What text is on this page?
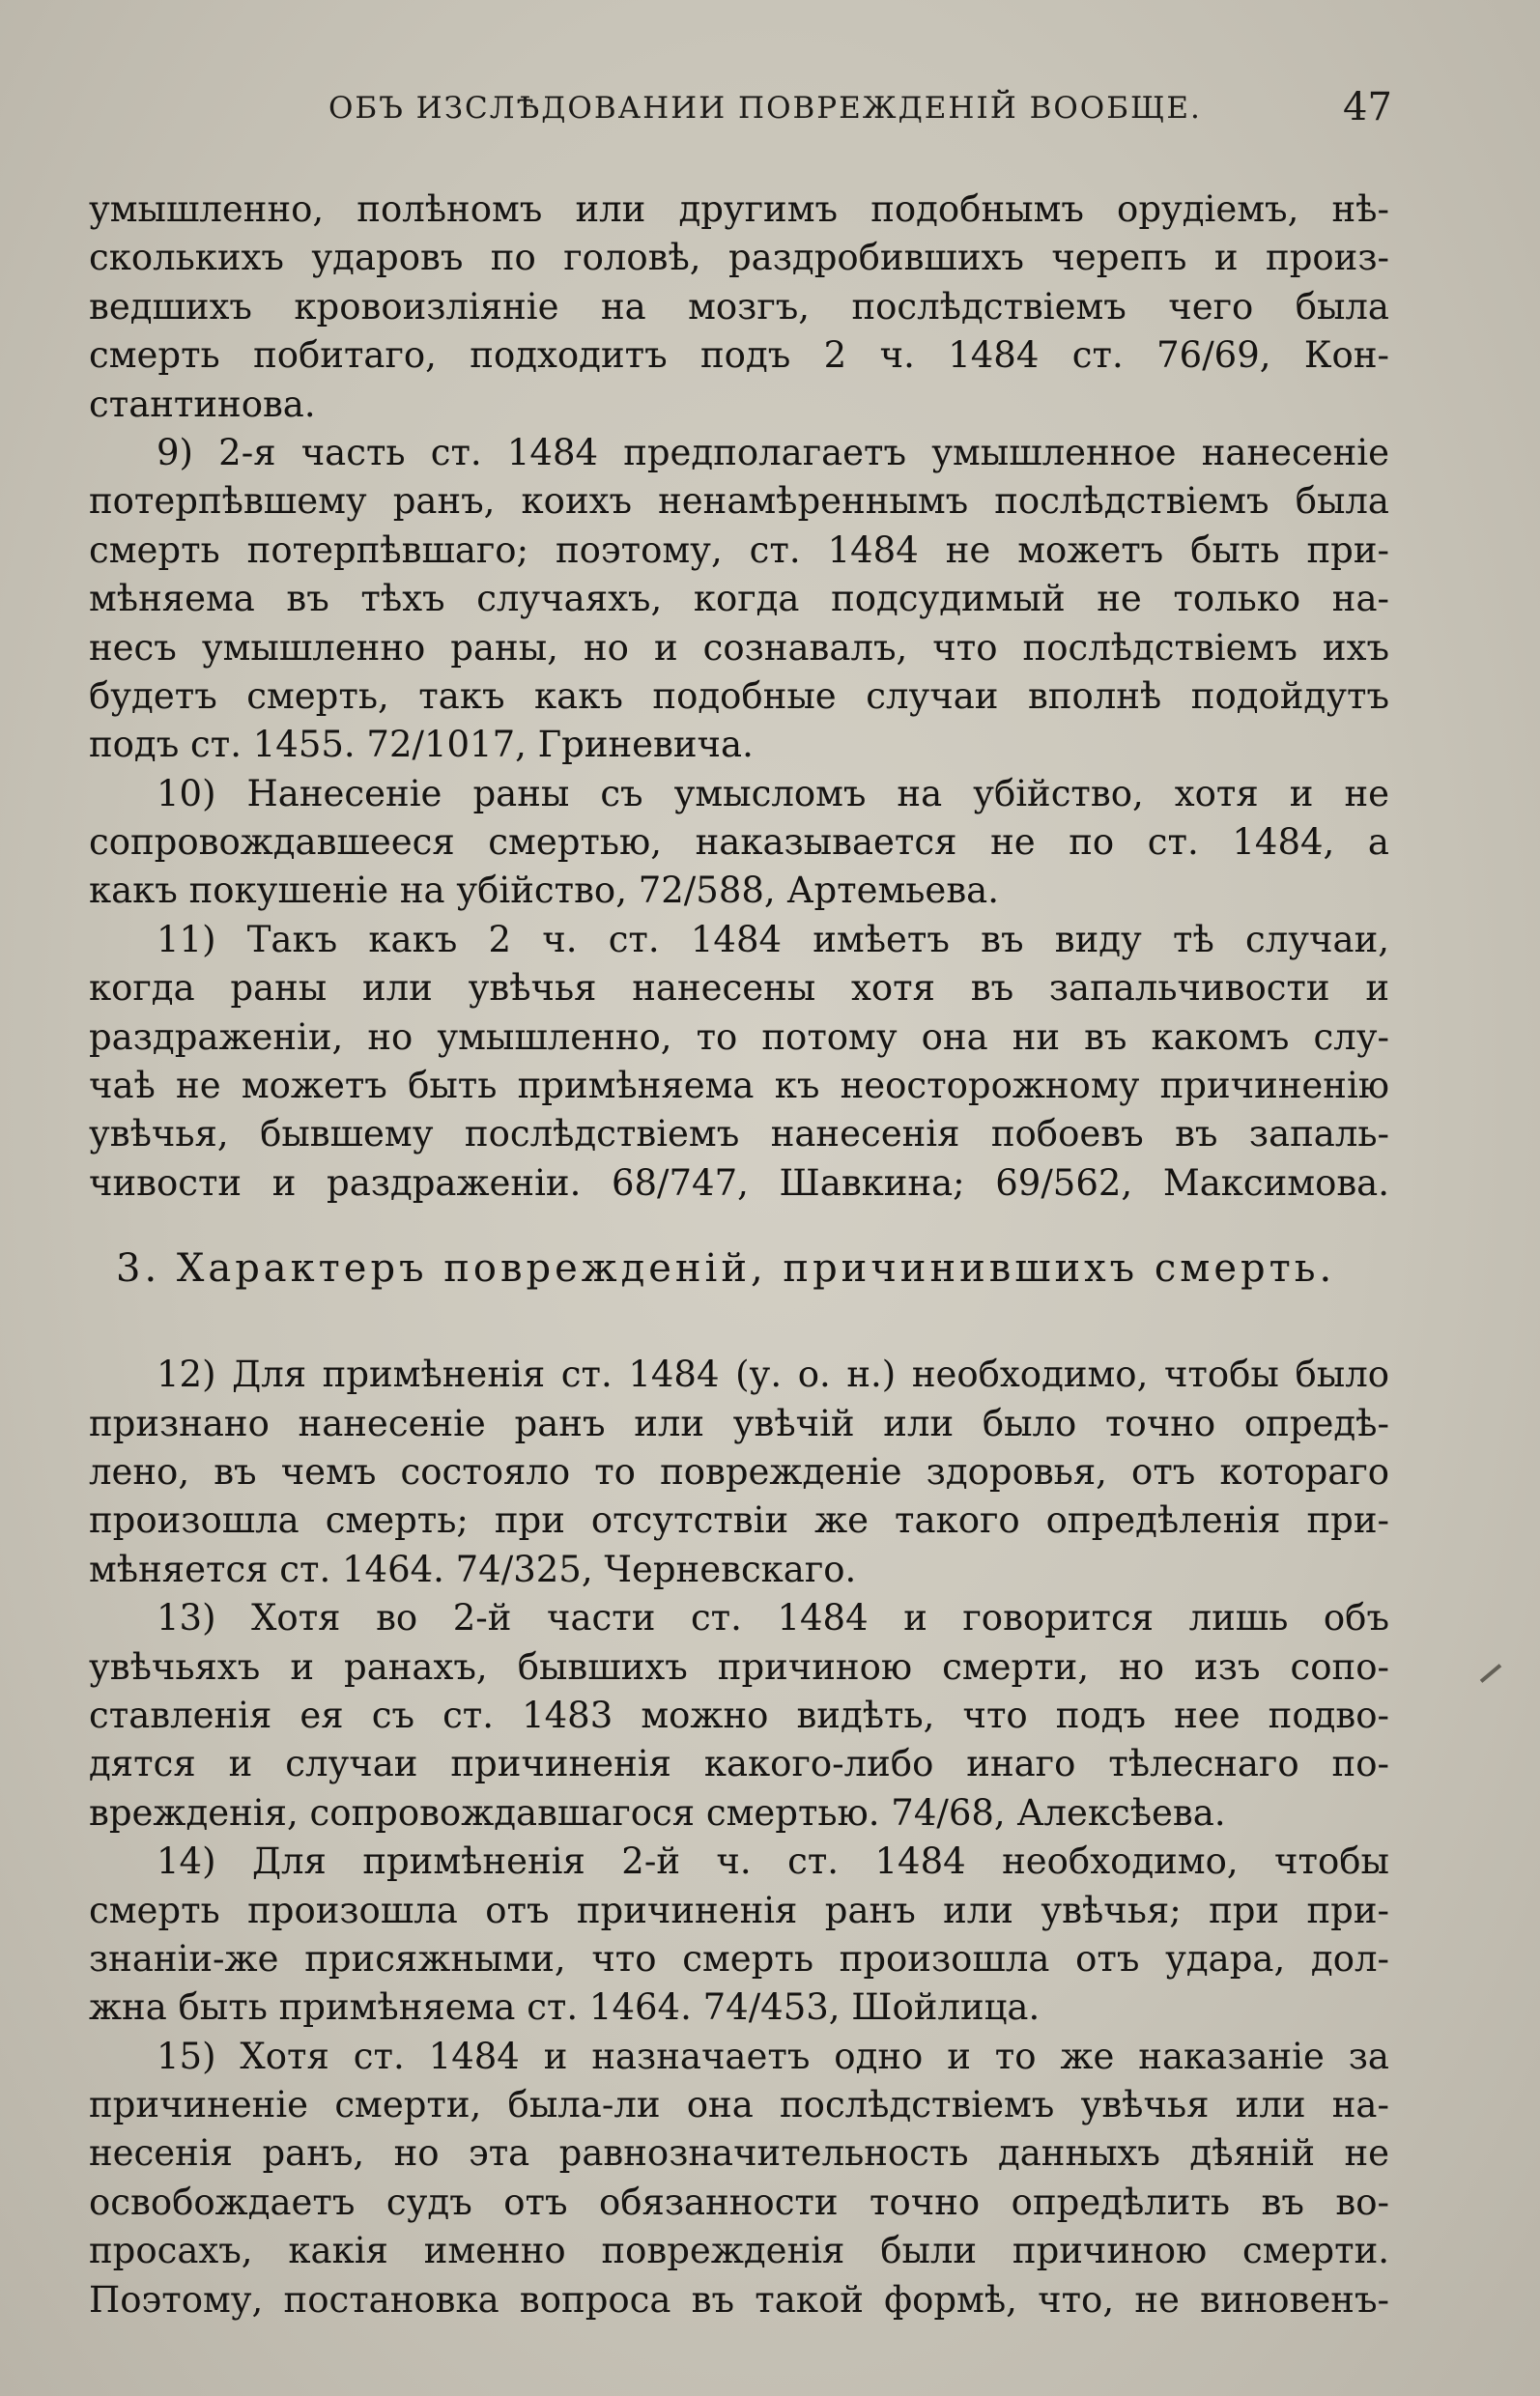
ОБЪ ИЗСЛѢДОВАНИИ ПОВРЕЖДЕНІЙ ВООБЩЕ.	47
умышленно, полѣномъ или другимъ подобнымъ орудіемъ, нѣ-
сколькихъ ударовъ по головѣ, раздробившихъ черепъ и произ-
ведшихъ кровоизліяніе на мозгъ, послѣдствіемъ чего была
смерть побитаго, подходитъ подъ 2 ч. 1484 ст. 76/69, Кон-
стантинова.
9) 2-я часть ст. 1484 предполагаетъ умышленное нанесеніе
потерпѣвшему ранъ, коихъ ненамѣреннымъ послѣдствіемъ была
смерть потерпѣвшаго; поэтому, ст. 1484 не можетъ быть при-
мѣняема въ тѣхъ случаяхъ, когда подсудимый не только на-
несъ умышленно раны, но и сознавалъ, что послѣдствіемъ ихъ
будетъ смерть, такъ какъ подобные случаи вполнѣ подойдутъ
подъ ст. 1455. 72/1017, Гриневича.
10) Нанесеніе раны съ умысломъ на убійство, хотя и не
сопровождавшееся смертью, наказывается не по ст. 1484, а
какъ покушеніе на убійство, 72/588, Артемьева.
11) Такъ какъ 2 ч. ст. 1484 имѣетъ въ виду тѣ случаи,
когда раны или увѣчья нанесены хотя въ запальчивости и
раздраженіи, но умышленно, то потому она ни въ какомъ слу-
чаѣ не можетъ быть примѣняема къ неосторожному причиненію
увѣчья, бывшему послѣдствіемъ нанесенія побоевъ въ запаль-
чивости и раздраженіи. 68/747, Шавкина; 69/562, Максимова.
3. Характеръ поврежденій, причинившихъ смерть.
12) Для примѣненія ст. 1484 (у. о. н.) необходимо, чтобы было
признано нанесеніе ранъ или увѣчій или было точно опредѣ-
лено, въ чемъ состояло то поврежденіе здоровья, отъ котораго
произошла смерть; при отсутствіи же такого опредѣленія при-
мѣняется ст. 1464. 74/325, Черневскаго.
13) Хотя во 2-й части ст. 1484 и говорится лишь объ
увѣчьяхъ и ранахъ, бывшихъ причиною смерти, но изъ сопо-
ставленія ея съ ст. 1483 можно видѣть, что подъ нее подво-
дятся и случаи причиненія какого-либо инаго тѣлеснаго по-
врежденія, сопровождавшагося смертью. 74/68, Алексѣева.
14) Для примѣненія 2-й ч. ст. 1484 необходимо, чтобы
смерть произошла отъ причиненія ранъ или увѣчья; при при-
знаніи-же присяжными, что смерть произошла отъ удара, дол-
жна быть примѣняема ст. 1464. 74/453, Шойлица.
15) Хотя ст. 1484 и назначаетъ одно и то же наказаніе за
причиненіе смерти, была-ли она послѣдствіемъ увѣчья или на-
несенія ранъ, но эта равнозначительность данныхъ дѣяній не
освобождаетъ судъ отъ обязанности точно опредѣлить въ во-
просахъ, какія именно поврежденія были причиною смерти.
Поэтому, постановка вопроса въ такой формѣ, что, не виновенъ-
